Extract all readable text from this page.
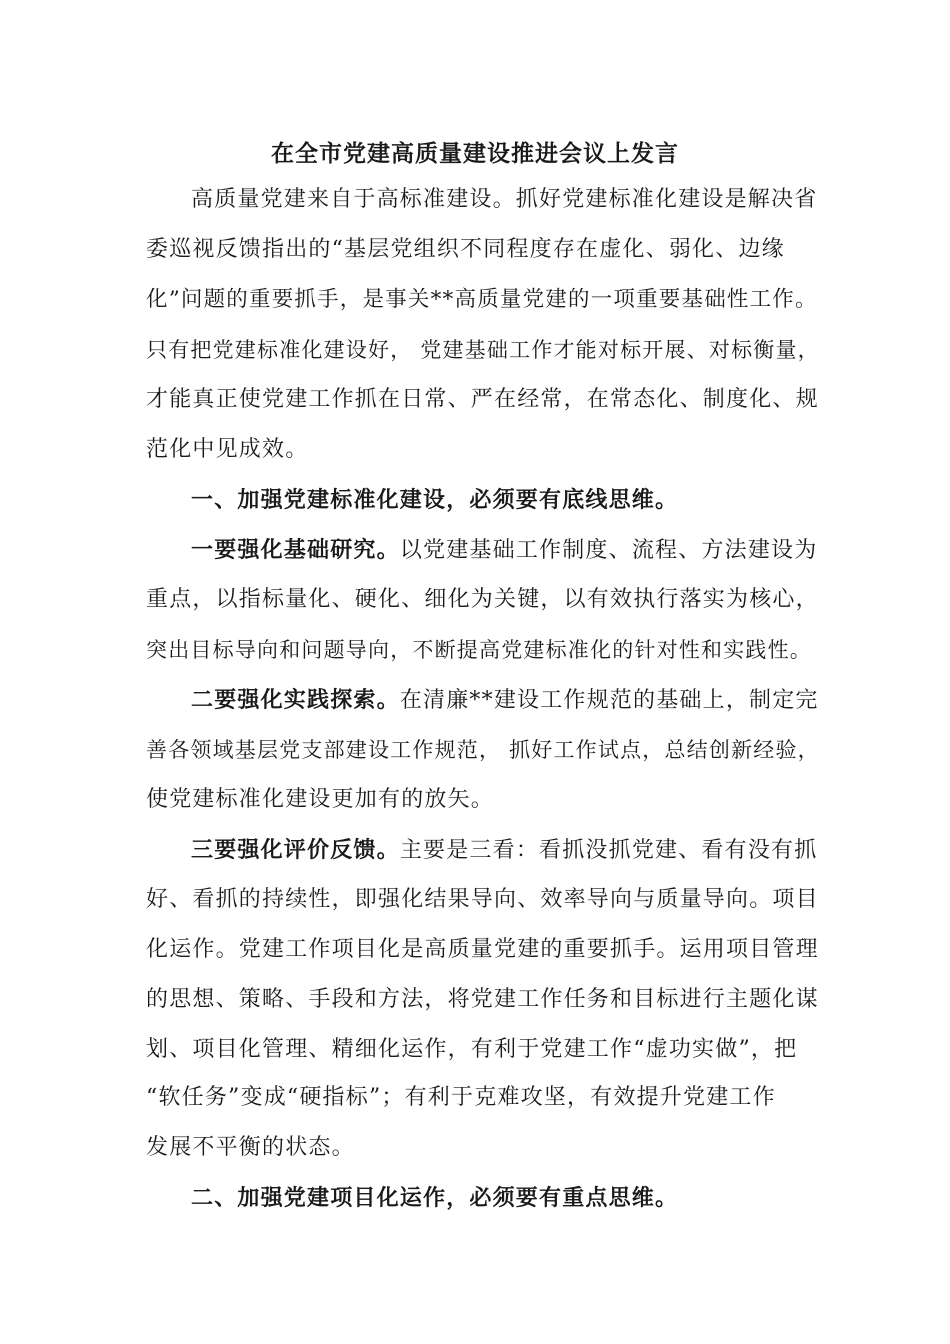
在全市党建高质量建设推进会议上发言
高质量党建来自于高标准建设。抓好党建标准化建设是解决省
委巡视反馈指出的“基层党组织不同程度存在虚化、弱化、边缘
化”问题的重要抓手，是事关**高质量党建的一项重要基础性工作。
只有把党建标准化建设好， 党建基础工作才能对标开展、对标衡量，
才能真正使党建工作抓在日常、严在经常，在常态化、制度化、规
范化中见成效。
一、加强党建标准化建设，必须要有底线思维。
一要强化基础研究。以党建基础工作制度、流程、方法建设为
重点，以指标量化、硬化、细化为关键，以有效执行落实为核心，
突出目标导向和问题导向，不断提高党建标准化的针对性和实践性。
二要强化实践探索。在清廉**建设工作规范的基础上，制定完
善各领域基层党支部建设工作规范， 抓好工作试点，总结创新经验，
使党建标准化建设更加有的放矢。
三要强化评价反馈。主要是三看：看抓没抓党建、看有没有抓
好、看抓的持续性，即强化结果导向、效率导向与质量导向。项目
化运作。党建工作项目化是高质量党建的重要抓手。运用项目管理
的思想、策略、手段和方法，将党建工作任务和目标进行主题化谋
划、项目化管理、精细化运作，有利于党建工作“虚功实做”，把
“软任务”变成“硬指标”；有利于克难攻坚，有效提升党建工作
发展不平衡的状态。
二、加强党建项目化运作，必须要有重点思维。
